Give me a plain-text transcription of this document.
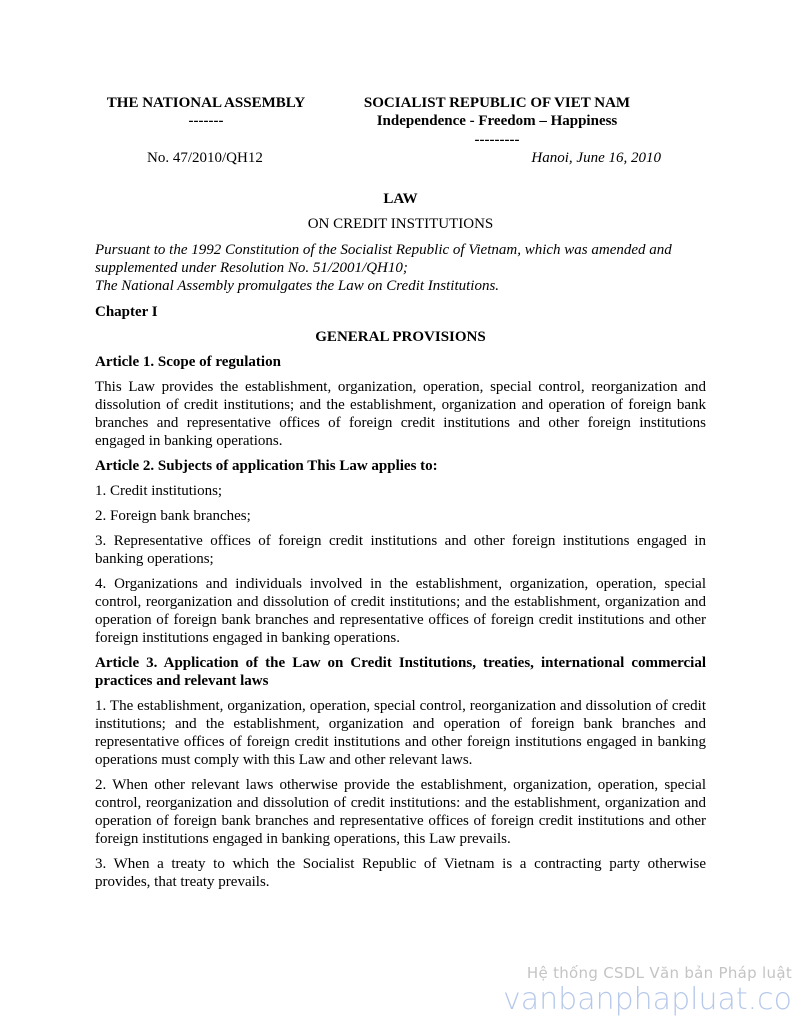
THE NATIONAL ASSEMBLY
-------
SOCIALIST REPUBLIC OF VIET NAM
Independence - Freedom – Happiness
---------
No. 47/2010/QH12	Hanoi, June 16, 2010
LAW
ON CREDIT INSTITUTIONS
Pursuant to the 1992 Constitution of the Socialist Republic of Vietnam, which was amended and supplemented under Resolution No. 51/2001/QH10;
The National Assembly promulgates the Law on Credit Institutions.
Chapter I
GENERAL PROVISIONS
Article 1. Scope of regulation
This Law provides the establishment, organization, operation, special control, reorganization and dissolution of credit institutions; and the establishment, organization and operation of foreign bank branches and representative offices of foreign credit institutions and other foreign institutions engaged in banking operations.
Article 2. Subjects of application This Law applies to:
1. Credit institutions;
2. Foreign bank branches;
3. Representative offices of foreign credit institutions and other foreign institutions engaged in banking operations;
4. Organizations and individuals involved in the establishment, organization, operation, special control, reorganization and dissolution of credit institutions; and the establishment, organization and operation of foreign bank branches and representative offices of foreign credit institutions and other foreign institutions engaged in banking operations.
Article 3. Application of the Law on Credit Institutions, treaties, international commercial practices and relevant laws
1. The establishment, organization, operation, special control, reorganization and dissolution of credit institutions; and the establishment, organization and operation of foreign bank branches and representative offices of foreign credit institutions and other foreign institutions engaged in banking operations must comply with this Law and other relevant laws.
2. When other relevant laws otherwise provide the establishment, organization, operation, special control, reorganization and dissolution of credit institutions: and the establishment, organization and operation of foreign bank branches and representative offices of foreign credit institutions and other foreign institutions engaged in banking operations, this Law prevails.
3. When a treaty to which the Socialist Republic of Vietnam is a contracting party otherwise provides, that treaty prevails.
Hệ thống CSDL Văn bản Pháp luật
vanbanphapluat.co
